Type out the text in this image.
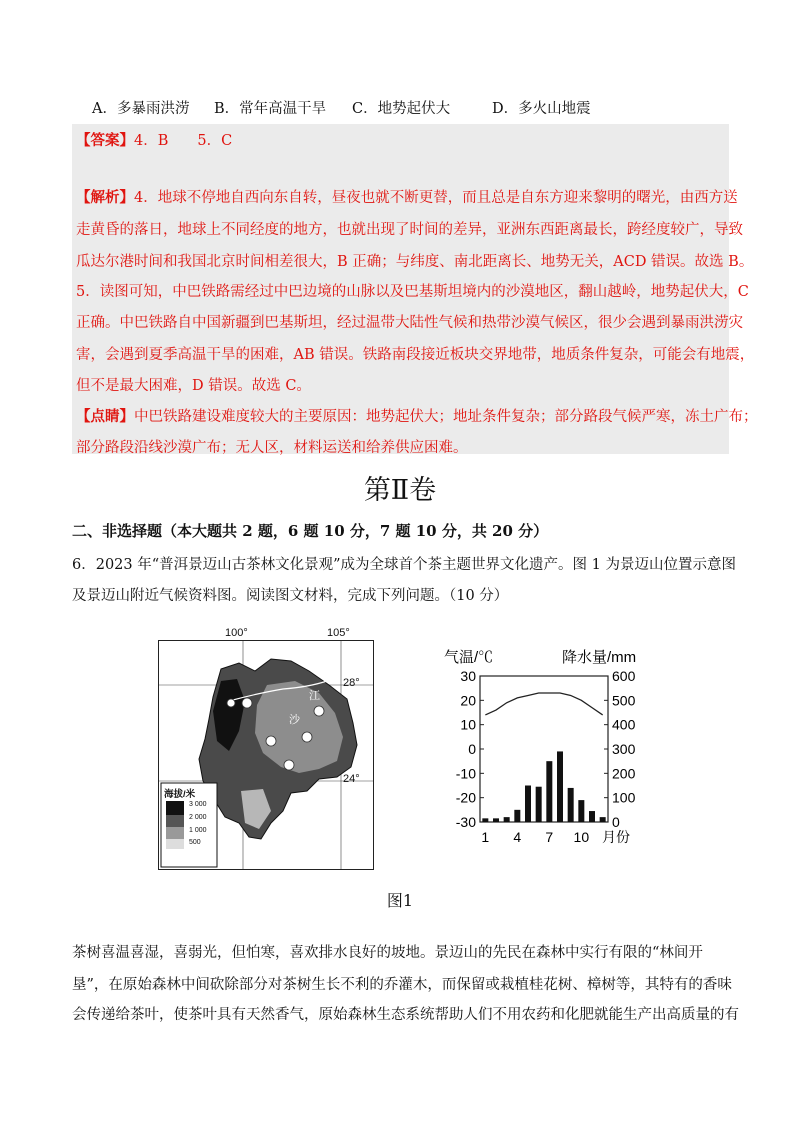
A．多暴雨洪涝	B．常年高温干旱	C．地势起伏大	D．多火山地震
【答案】4．B　　5．C
【解析】4．地球不停地自西向东自转，昼夜也就不断更替，而且总是自东方迎来黎明的曙光，由西方送
走黄昏的落日，地球上不同经度的地方，也就出现了时间的差异，亚洲东西距离最长，跨经度较广，导致
瓜达尔港时间和我国北京时间相差很大，B 正确；与纬度、南北距离长、地势无关，ACD 错误。故选 B。
5．读图可知，中巴铁路需经过中巴边境的山脉以及巴基斯坦境内的沙漠地区，翻山越岭，地势起伏大，C
正确。中巴铁路自中国新疆到巴基斯坦，经过温带大陆性气候和热带沙漠气候区，很少会遇到暴雨洪涝灾
害，会遇到夏季高温干旱的困难，AB 错误。铁路南段接近板块交界地带，地质条件复杂，可能会有地震，
但不是最大困难，D 错误。故选 C。
【点睛】中巴铁路建设难度较大的主要原因：地势起伏大；地址条件复杂；部分路段气候严寒，冻土广布；
部分路段沿线沙漠广布；无人区，材料运送和给养供应困难。
第Ⅱ卷
二、非选择题（本大题共 2 题，6 题 10 分，7 题 10 分，共 20 分）
6．2023 年“普洱景迈山古茶林文化景观”成为全球首个茶主题世界文化遗产。图 1 为景迈山位置示意图
及景迈山附近气候资料图。阅读图文材料，完成下列问题。（10 分）
100°	105°
28°
24°
江
沙
海拔/米
3 000
2 000
1 000
500
气温/℃	降水量/mm
月份
30
20
10
0
-10
-20
-30
600
500
400
300
200
100
0
1 4 7 10
图1
茶树喜温喜湿，喜弱光，但怕寒，喜欢排水良好的坡地。景迈山的先民在森林中实行有限的“林间开
垦”，在原始森林中间砍除部分对茶树生长不利的乔灌木，而保留或栽植桂花树、樟树等，其特有的香味
会传递给茶叶，使茶叶具有天然香气，原始森林生态系统帮助人们不用农药和化肥就能生产出高质量的有
